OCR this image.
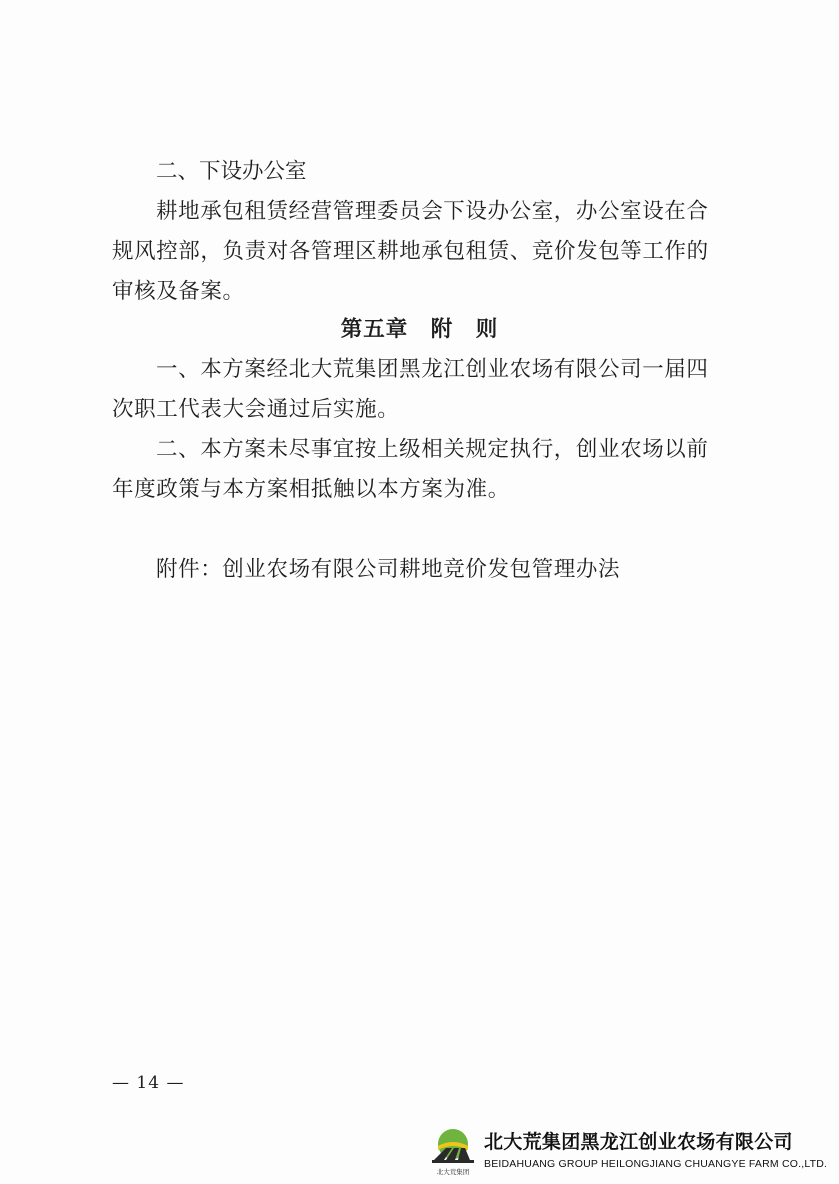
二、下设办公室

耕地承包租赁经营管理委员会下设办公室，办公室设在合规风控部，负责对各管理区耕地承包租赁、竞价发包等工作的审核及备案。

第五章　附　则

一、本方案经北大荒集团黑龙江创业农场有限公司一届四次职工代表大会通过后实施。

二、本方案未尽事宜按上级相关规定执行，创业农场以前年度政策与本方案相抵触以本方案为准。

附件：创业农场有限公司耕地竞价发包管理办法
— 14 —
北大荒集团
北大荒集团黑龙江创业农场有限公司
BEIDAHUANG GROUP HEILONGJIANG CHUANGYE FARM CO.,LTD.
